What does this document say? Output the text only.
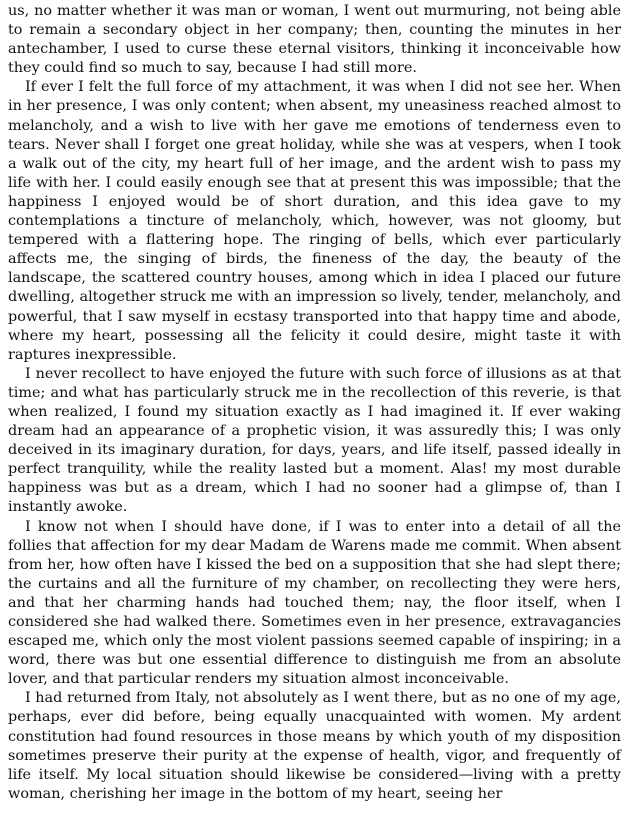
us, no matter whether it was man or woman, I went out murmuring, not being able to remain a secondary object in her company; then, counting the minutes in her antechamber, I used to curse these eternal visitors, thinking it inconceivable how they could find so much to say, because I had still more.

If ever I felt the full force of my attachment, it was when I did not see her. When in her presence, I was only content; when absent, my uneasiness reached almost to melancholy, and a wish to live with her gave me emotions of tenderness even to tears. Never shall I forget one great holiday, while she was at vespers, when I took a walk out of the city, my heart full of her image, and the ardent wish to pass my life with her. I could easily enough see that at present this was impossible; that the happiness I enjoyed would be of short duration, and this idea gave to my contemplations a tincture of melancholy, which, however, was not gloomy, but tempered with a flattering hope. The ringing of bells, which ever particularly affects me, the singing of birds, the fineness of the day, the beauty of the landscape, the scattered country houses, among which in idea I placed our future dwelling, altogether struck me with an impression so lively, tender, melancholy, and powerful, that I saw myself in ecstasy transported into that happy time and abode, where my heart, possessing all the felicity it could desire, might taste it with raptures inexpressible.

I never recollect to have enjoyed the future with such force of illusions as at that time; and what has particularly struck me in the recollection of this reverie, is that when realized, I found my situation exactly as I had imagined it. If ever waking dream had an appearance of a prophetic vision, it was assuredly this; I was only deceived in its imaginary duration, for days, years, and life itself, passed ideally in perfect tranquility, while the reality lasted but a moment. Alas! my most durable happiness was but as a dream, which I had no sooner had a glimpse of, than I instantly awoke.

I know not when I should have done, if I was to enter into a detail of all the follies that affection for my dear Madam de Warens made me commit. When absent from her, how often have I kissed the bed on a supposition that she had slept there; the curtains and all the furniture of my chamber, on recollecting they were hers, and that her charming hands had touched them; nay, the floor itself, when I considered she had walked there. Sometimes even in her presence, extravagancies escaped me, which only the most violent passions seemed capable of inspiring; in a word, there was but one essential difference to distinguish me from an absolute lover, and that particular renders my situation almost inconceivable.

I had returned from Italy, not absolutely as I went there, but as no one of my age, perhaps, ever did before, being equally unacquainted with women. My ardent constitution had found resources in those means by which youth of my disposition sometimes preserve their purity at the expense of health, vigor, and frequently of life itself. My local situation should likewise be considered—living with a pretty woman, cherishing her image in the bottom of my heart, seeing her
